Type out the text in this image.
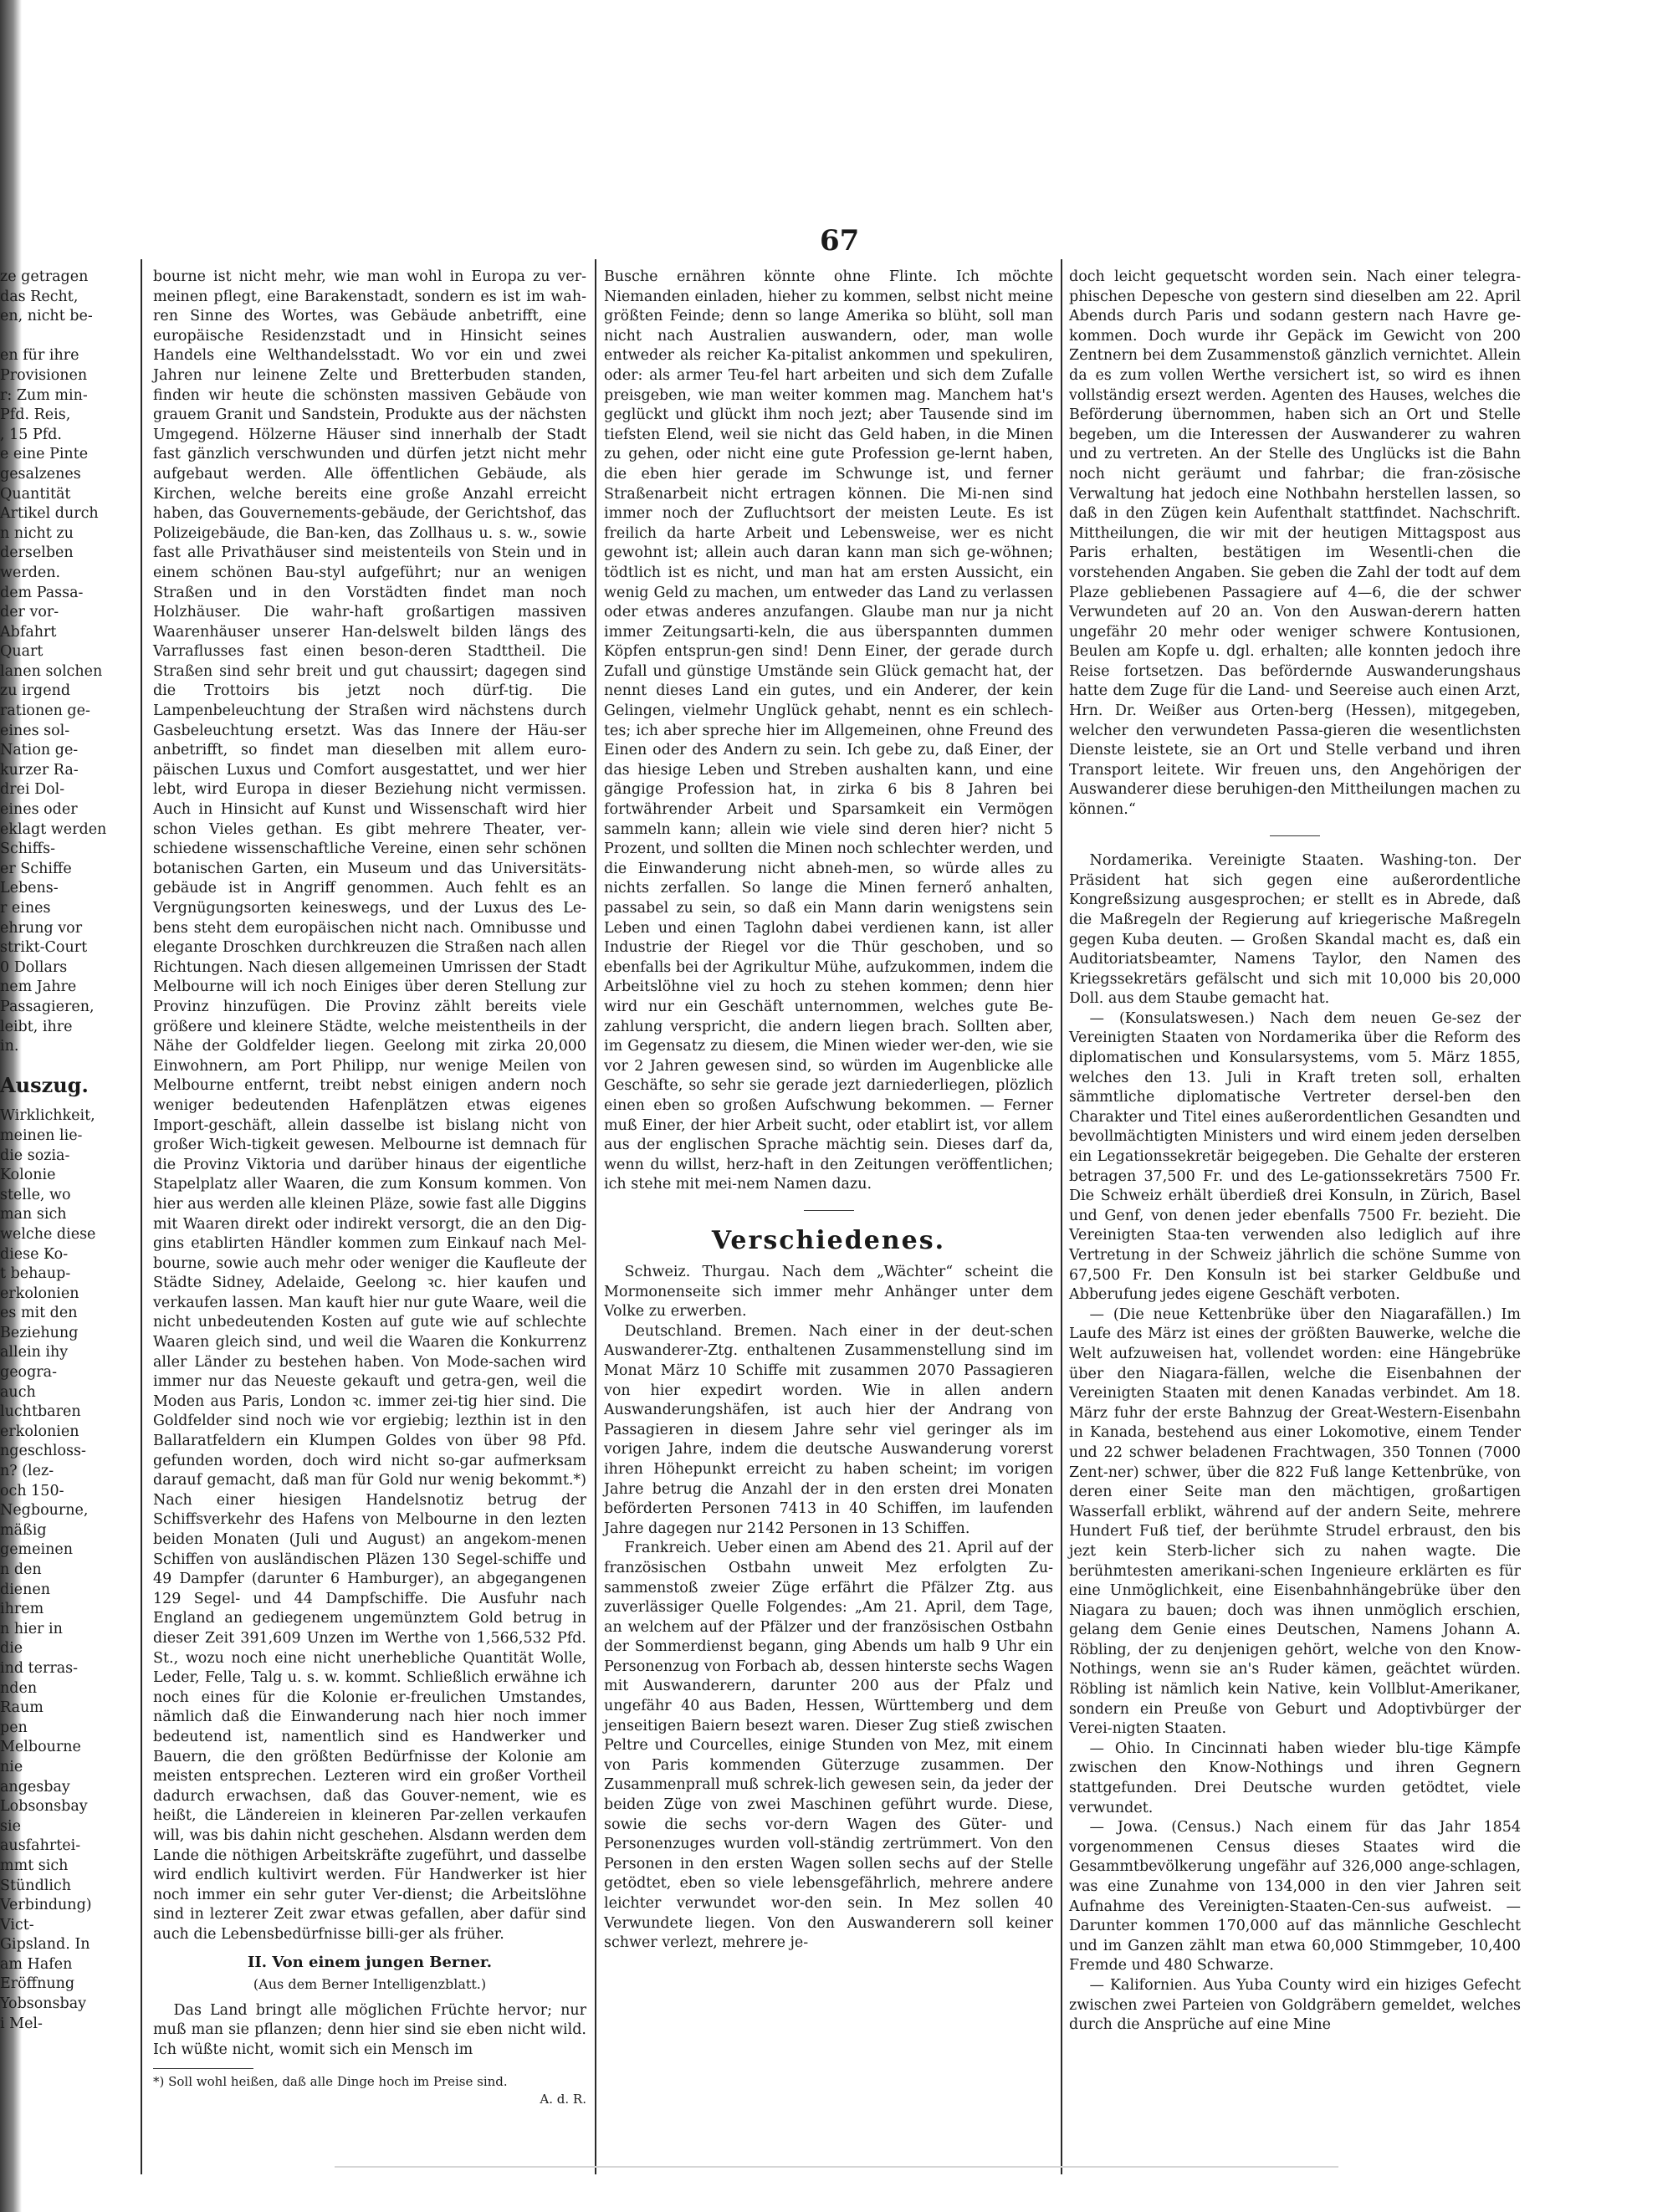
67
ze getragen
das Recht,
en, nicht be-

en für ihre
Provisionen
r: Zum min-
Pfd. Reis,
, 15 Pfd.
e eine Pinte
gesalzenes
Quantität
Artikel durch
n nicht zu
derselben
werden.
dem Passa-
der vor-
Abfahrt
Quart
lanen solchen
zu irgend
rationen ge-
eines sol-
Nation ge-
kurzer Ra-
drei Dol-
eines oder
eklagt werden
Schiffs-
er Schiffe
Lebens-
r eines
ehrung vor
strikt-Court
0 Dollars
nem Jahre
Passagieren,
leibt, ihre
in.
Auszug.
Wirklichkeit,
meinen lie-
die sozia-
Kolonie
stelle, wo
man sich
welche diese
diese Ko-
t behaup-
erkolonien
es mit den
Beziehung
allein ihy
geogra-
auch
luchtbaren
erkolonien
ngeschloss-
n? (lez-
och 150-
Negbourne,
mäßig
gemeinen
n den
dienen
ihrem
n hier in
die
ind terras-
nden
Raum
pen
Melbourne
nie
angesbay
Lobsonsbay
sie
ausfahrtei-
mmt sich
Stündlich
Verbindung)
Vict-
Gipsland. In
am Hafen
Eröffnung
Yobsonsbay
i Mel-

bourne ist nicht mehr, wie man wohl in Europa zu ver-meinen pflegt, eine Barakenstadt, sondern es ist im wah-ren Sinne des Wortes, was Gebäude anbetrifft, eine europäische Residenzstadt und in Hinsicht seines Handels eine Welthandelsstadt. Wo vor ein und zwei Jahren nur leinene Zelte und Bretterbuden standen, finden wir heute die schönsten massiven Gebäude von grauem Granit und Sandstein, Produkte aus der nächsten Umgegend. Hölzerne Häuser sind innerhalb der Stadt fast gänzlich verschwunden und dürfen jetzt nicht mehr aufgebaut werden. Alle öffentlichen Gebäude, als Kirchen, welche bereits eine große Anzahl erreicht haben, das Gouvernements-gebäude, der Gerichtshof, das Polizeigebäude, die Ban-ken, das Zollhaus u. s. w., sowie fast alle Privathäuser sind meistenteils von Stein und in einem schönen Bau-styl aufgeführt; nur an wenigen Straßen und in den Vorstädten findet man noch Holzhäuser. Die wahr-haft großartigen massiven Waarenhäuser unserer Han-delswelt bilden längs des Varraflusses fast einen beson-deren Stadttheil. Die Straßen sind sehr breit und gut chaussirt; dagegen sind die Trottoirs bis jetzt noch dürf-tig. Die Lampenbeleuchtung der Straßen wird nächstens durch Gasbeleuchtung ersetzt. Was das Innere der Häu-ser anbetrifft, so findet man dieselben mit allem euro-päischen Luxus und Comfort ausgestattet, und wer hier lebt, wird Europa in dieser Beziehung nicht vermissen. Auch in Hinsicht auf Kunst und Wissenschaft wird hier schon Vieles gethan. Es gibt mehrere Theater, ver-schiedene wissenschaftliche Vereine, einen sehr schönen botanischen Garten, ein Museum und das Universitäts-gebäude ist in Angriff genommen. Auch fehlt es an Vergnügungsorten keineswegs, und der Luxus des Le-bens steht dem europäischen nicht nach. Omnibusse und elegante Droschken durchkreuzen die Straßen nach allen Richtungen. Nach diesen allgemeinen Umrissen der Stadt Melbourne will ich noch Einiges über deren Stellung zur Provinz hinzufügen. Die Provinz zählt bereits viele größere und kleinere Städte, welche meistentheils in der Nähe der Goldfelder liegen. Geelong mit zirka 20,000 Einwohnern, am Port Philipp, nur wenige Meilen von Melbourne entfernt, treibt nebst einigen andern noch weniger bedeutenden Hafenplätzen etwas eigenes Import-geschäft, allein dasselbe ist bislang nicht von großer Wich-tigkeit gewesen. Melbourne ist demnach für die Provinz Viktoria und darüber hinaus der eigentliche Stapelplatz aller Waaren, die zum Konsum kommen. Von hier aus werden alle kleinen Pläze, sowie fast alle Diggins mit Waaren direkt oder indirekt versorgt, die an den Dig-gins etablirten Händler kommen zum Einkauf nach Mel-bourne, sowie auch mehr oder weniger die Kaufleute der Städte Sidney, Adelaide, Geelong ꝛc. hier kaufen und verkaufen lassen. Man kauft hier nur gute Waare, weil die nicht unbedeutenden Kosten auf gute wie auf schlechte Waaren gleich sind, und weil die Waaren die Konkurrenz aller Länder zu bestehen haben. Von Mode-sachen wird immer nur das Neueste gekauft und getra-gen, weil die Moden aus Paris, London ꝛc. immer zei-tig hier sind. Die Goldfelder sind noch wie vor ergiebig; lezthin ist in den Ballaratfeldern ein Klumpen Goldes von über 98 Pfd. gefunden worden, doch wird nicht so-gar aufmerksam darauf gemacht, daß man für Gold nur wenig bekommt.*) Nach einer hiesigen Handelsnotiz betrug der Schiffsverkehr des Hafens von Melbourne in den lezten beiden Monaten (Juli und August) an angekom-menen Schiffen von ausländischen Pläzen 130 Segel-schiffe und 49 Dampfer (darunter 6 Hamburger), an abgegangenen 129 Segel- und 44 Dampfschiffe. Die Ausfuhr nach England an gediegenem ungemünztem Gold betrug in dieser Zeit 391,609 Unzen im Werthe von 1,566,532 Pfd. St., wozu noch eine nicht unerhebliche Quantität Wolle, Leder, Felle, Talg u. s. w. kommt. Schließlich erwähne ich noch eines für die Kolonie er-freulichen Umstandes, nämlich daß die Einwanderung nach hier noch immer bedeutend ist, namentlich sind es Handwerker und Bauern, die den größten Bedürfnisse der Kolonie am meisten entsprechen. Lezteren wird ein großer Vortheil dadurch erwachsen, daß das Gouver-nement, wie es heißt, die Ländereien in kleineren Par-zellen verkaufen will, was bis dahin nicht geschehen. Alsdann werden dem Lande die nöthigen Arbeitskräfte zugeführt, und dasselbe wird endlich kultivirt werden. Für Handwerker ist hier noch immer ein sehr guter Ver-dienst; die Arbeitslöhne sind in lezterer Zeit zwar etwas gefallen, aber dafür sind auch die Lebensbedürfnisse billi-ger als früher.

II. Von einem jungen Berner.
(Aus dem Berner Intelligenzblatt.)

Das Land bringt alle möglichen Früchte hervor; nur muß man sie pflanzen; denn hier sind sie eben nicht wild. Ich wüßte nicht, womit sich ein Mensch im

*) Soll wohl heißen, daß alle Dinge hoch im Preise sind.
A. d. R.

Busche ernähren könnte ohne Flinte. Ich möchte Niemanden einladen, hieher zu kommen, selbst nicht meine größten Feinde; denn so lange Amerika so blüht, soll man nicht nach Australien auswandern, oder, man wolle entweder als reicher Ka-pitalist ankommen und spekuliren, oder: als armer Teu-fel hart arbeiten und sich dem Zufalle preisgeben, wie man weiter kommen mag. Manchem hat's geglückt und glückt ihm noch jezt; aber Tausende sind im tiefsten Elend, weil sie nicht das Geld haben, in die Minen zu gehen, oder nicht eine gute Profession ge-lernt haben, die eben hier gerade im Schwunge ist, und ferner Straßenarbeit nicht ertragen können. Die Mi-nen sind immer noch der Zufluchtsort der meisten Leute. Es ist freilich da harte Arbeit und Lebensweise, wer es nicht gewohnt ist; allein auch daran kann man sich ge-wöhnen; tödtlich ist es nicht, und man hat am ersten Aussicht, ein wenig Geld zu machen, um entweder das Land zu verlassen oder etwas anderes anzufangen. Glaube man nur ja nicht immer Zeitungsarti-keln, die aus überspannten dummen Köpfen entsprun-gen sind! Denn Einer, der gerade durch Zufall und günstige Umstände sein Glück gemacht hat, der nennt dieses Land ein gutes, und ein Anderer, der kein Gelingen, vielmehr Unglück gehabt, nennt es ein schlech-tes; ich aber spreche hier im Allgemeinen, ohne Freund des Einen oder des Andern zu sein. Ich gebe zu, daß Einer, der das hiesige Leben und Streben aushalten kann, und eine gängige Profession hat, in zirka 6 bis 8 Jahren bei fortwährender Arbeit und Sparsamkeit ein Vermögen sammeln kann; allein wie viele sind deren hier? nicht 5 Prozent, und sollten die Minen noch schlechter werden, und die Einwanderung nicht abneh-men, so würde alles zu nichts zerfallen. So lange die Minen fernerő anhalten, passabel zu sein, so daß ein Mann darin wenigstens sein Leben und einen Taglohn dabei verdienen kann, ist aller Industrie der Riegel vor die Thür geschoben, und so ebenfalls bei der Agrikultur Mühe, aufzukommen, indem die Arbeitslöhne viel zu hoch zu stehen kommen; denn hier wird nur ein Geschäft unternommen, welches gute Be-zahlung verspricht, die andern liegen brach. Sollten aber, im Gegensatz zu diesem, die Minen wieder wer-den, wie sie vor 2 Jahren gewesen sind, so würden im Augenblicke alle Geschäfte, so sehr sie gerade jezt darniederliegen, plözlich einen eben so großen Aufschwung bekommen. — Ferner muß Einer, der hier Arbeit sucht, oder etablirt ist, vor allem aus der englischen Sprache mächtig sein. Dieses darf da, wenn du willst, herz-haft in den Zeitungen veröffentlichen; ich stehe mit mei-nem Namen dazu.

Verschiedenes.

Schweiz. Thurgau. Nach dem „Wächter“ scheint die Mormonenseite sich immer mehr Anhänger unter dem Volke zu erwerben.

Deutschland. Bremen. Nach einer in der deut-schen Auswanderer-Ztg. enthaltenen Zusammenstellung sind im Monat März 10 Schiffe mit zusammen 2070 Passagieren von hier expedirt worden. Wie in allen andern Auswanderungshäfen, ist auch hier der Andrang von Passagieren in diesem Jahre sehr viel geringer als im vorigen Jahre, indem die deutsche Auswanderung vorerst ihren Höhepunkt erreicht zu haben scheint; im vorigen Jahre betrug die Anzahl der in den ersten drei Monaten beförderten Personen 7413 in 40 Schiffen, im laufenden Jahre dagegen nur 2142 Personen in 13 Schiffen.

Frankreich. Ueber einen am Abend des 21. April auf der französischen Ostbahn unweit Mez erfolgten Zu-sammenstoß zweier Züge erfährt die Pfälzer Ztg. aus zuverlässiger Quelle Folgendes: „Am 21. April, dem Tage, an welchem auf der Pfälzer und der französischen Ostbahn der Sommerdienst begann, ging Abends um halb 9 Uhr ein Personenzug von Forbach ab, dessen hinterste sechs Wagen mit Auswanderern, darunter 200 aus der Pfalz und ungefähr 40 aus Baden, Hessen, Württemberg und dem jenseitigen Baiern besezt waren. Dieser Zug stieß zwischen Peltre und Courcelles, einige Stunden von Mez, mit einem von Paris kommenden Güterzuge zusammen. Der Zusammenprall muß schrek-lich gewesen sein, da jeder der beiden Züge von zwei Maschinen geführt wurde. Diese, sowie die sechs vor-dern Wagen des Güter- und Personenzuges wurden voll-ständig zertrümmert. Von den Personen in den ersten Wagen sollen sechs auf der Stelle getödtet, eben so viele lebensgefährlich, mehrere andere leichter verwundet wor-den sein. In Mez sollen 40 Verwundete liegen. Von den Auswanderern soll keiner schwer verlezt, mehrere je-

doch leicht gequetscht worden sein. Nach einer telegra-phischen Depesche von gestern sind dieselben am 22. April Abends durch Paris und sodann gestern nach Havre ge-kommen. Doch wurde ihr Gepäck im Gewicht von 200 Zentnern bei dem Zusammenstoß gänzlich vernichtet. Allein da es zum vollen Werthe versichert ist, so wird es ihnen vollständig ersezt werden. Agenten des Hauses, welches die Beförderung übernommen, haben sich an Ort und Stelle begeben, um die Interessen der Auswanderer zu wahren und zu vertreten. An der Stelle des Unglücks ist die Bahn noch nicht geräumt und fahrbar; die fran-zösische Verwaltung hat jedoch eine Nothbahn herstellen lassen, so daß in den Zügen kein Aufenthalt stattfindet. Nachschrift. Mittheilungen, die wir mit der heutigen Mittagspost aus Paris erhalten, bestätigen im Wesentli-chen die vorstehenden Angaben. Sie geben die Zahl der todt auf dem Plaze gebliebenen Passagiere auf 4—6, die der schwer Verwundeten auf 20 an. Von den Auswan-derern hatten ungefähr 20 mehr oder weniger schwere Kontusionen, Beulen am Kopfe u. dgl. erhalten; alle konnten jedoch ihre Reise fortsetzen. Das befördernde Auswanderungshaus hatte dem Zuge für die Land- und Seereise auch einen Arzt, Hrn. Dr. Weißer aus Orten-berg (Hessen), mitgegeben, welcher den verwundeten Passa-gieren die wesentlichsten Dienste leistete, sie an Ort und Stelle verband und ihren Transport leitete. Wir freuen uns, den Angehörigen der Auswanderer diese beruhigen-den Mittheilungen machen zu können.“

Nordamerika. Vereinigte Staaten. Washing-ton. Der Präsident hat sich gegen eine außerordentliche Kongreßsizung ausgesprochen; er stellt es in Abrede, daß die Maßregeln der Regierung auf kriegerische Maßregeln gegen Kuba deuten. — Großen Skandal macht es, daß ein Auditoriatsbeamter, Namens Taylor, den Namen des Kriegssekretärs gefälscht und sich mit 10,000 bis 20,000 Doll. aus dem Staube gemacht hat.

— (Konsulatswesen.) Nach dem neuen Ge-sez der Vereinigten Staaten von Nordamerika über die Reform des diplomatischen und Konsularsystems, vom 5. März 1855, welches den 13. Juli in Kraft treten soll, erhalten sämmtliche diplomatische Vertreter dersel-ben den Charakter und Titel eines außerordentlichen Gesandten und bevollmächtigten Ministers und wird einem jeden derselben ein Legationssekretär beigegeben. Die Gehalte der ersteren betragen 37,500 Fr. und des Le-gationssekretärs 7500 Fr. Die Schweiz erhält überdieß drei Konsuln, in Zürich, Basel und Genf, von denen jeder ebenfalls 7500 Fr. bezieht. Die Vereinigten Staa-ten verwenden also lediglich auf ihre Vertretung in der Schweiz jährlich die schöne Summe von 67,500 Fr. Den Konsuln ist bei starker Geldbuße und Abberufung jedes eigene Geschäft verboten.

— (Die neue Kettenbrüke über den Niagarafällen.) Im Laufe des März ist eines der größten Bauwerke, welche die Welt aufzuweisen hat, vollendet worden: eine Hängebrüke über den Niagara-fällen, welche die Eisenbahnen der Vereinigten Staaten mit denen Kanadas verbindet. Am 18. März fuhr der erste Bahnzug der Great-Western-Eisenbahn in Kanada, bestehend aus einer Lokomotive, einem Tender und 22 schwer beladenen Frachtwagen, 350 Tonnen (7000 Zent-ner) schwer, über die 822 Fuß lange Kettenbrüke, von deren einer Seite man den mächtigen, großartigen Wasserfall erblikt, während auf der andern Seite, mehrere Hundert Fuß tief, der berühmte Strudel erbraust, den bis jezt kein Sterb-licher sich zu nahen wagte. Die berühmtesten amerikani-schen Ingenieure erklärten es für eine Unmöglichkeit, eine Eisenbahnhängebrüke über den Niagara zu bauen; doch was ihnen unmöglich erschien, gelang dem Genie eines Deutschen, Namens Johann A. Röbling, der zu denjenigen gehört, welche von den Know-Nothings, wenn sie an's Ruder kämen, geächtet würden. Röbling ist nämlich kein Native, kein Vollblut-Amerikaner, sondern ein Preuße von Geburt und Adoptivbürger der Verei-nigten Staaten.

— Ohio. In Cincinnati haben wieder blu-tige Kämpfe zwischen den Know-Nothings und ihren Gegnern stattgefunden. Drei Deutsche wurden getödtet, viele verwundet.

— Jowa. (Census.) Nach einem für das Jahr 1854 vorgenommenen Census dieses Staates wird die Gesammtbevölkerung ungefähr auf 326,000 ange-schlagen, was eine Zunahme von 134,000 in den vier Jahren seit Aufnahme des Vereinigten-Staaten-Cen-sus aufweist. — Darunter kommen 170,000 auf das männliche Geschlecht und im Ganzen zählt man etwa 60,000 Stimmgeber, 10,400 Fremde und 480 Schwarze.

— Kalifornien. Aus Yuba County wird ein hiziges Gefecht zwischen zwei Parteien von Goldgräbern gemeldet, welches durch die Ansprüche auf eine Mine
